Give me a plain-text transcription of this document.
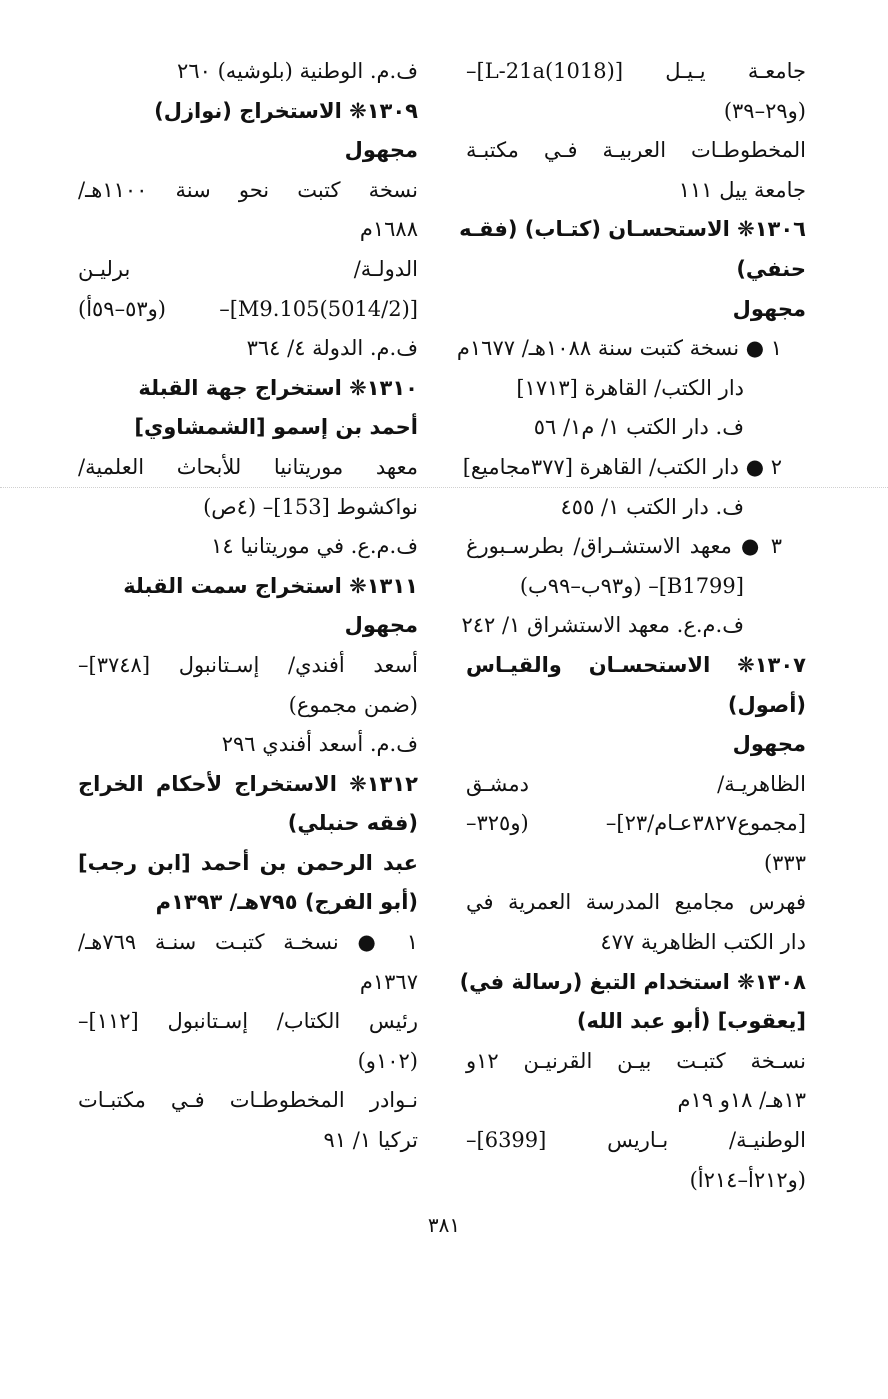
جامعـة يـيـل [L-21a(1018)]–
(و٢٩–٣٩)
المخطوطـات العربيـة فـي مكتبـة
جامعة ييل ١١١
١٣٠٦❋ الاستحسـان (كتـاب) (فقـه
حنفي)
مجهول
١ ● نسخة كتبت سنة ١٠٨٨هـ/ ١٦٧٧م
دار الكتب/ القاهرة [١٧١٣]
ف. دار الكتب ١/ م١/ ٥٦
٢ ● دار الكتب/ القاهرة [٣٧٧مجاميع]
ف. دار الكتب ١/ ٤٥٥
٣ ● معهد الاستشـراق/ بطرسـبورغ
[B1799]– (و٩٣ب–٩٩ب)
ف.م.ع. معهد الاستشراق ١/ ٢٤٢
١٣٠٧❋ الاستحسـان والقيـاس
(أصول)
مجهول
الظاهريـة/ دمشـق
[مجموع٣٨٢٧عـام/٢٣]– (و٣٢٥–
٣٣٣)
فهرس مجاميع المدرسة العمرية في
دار الكتب الظاهرية ٤٧٧
١٣٠٨❋ استخدام التبغ (رسالة في)
[يعقوب] (أبو عبد الله)
نسـخة كتبـت بيـن القرنيـن ١٢و
١٣هـ/ ١٨و ١٩م
الوطنيـة/ بـاريس [6399]–
(و٢١٢أ–٢١٤أ)
ف.م. الوطنية (بلوشيه) ٢٦٠
١٣٠٩❋ الاستخراج (نوازل)
مجهول
نسخة كتبت نحو سنة ١١٠٠هـ/
١٦٨٨م
الدولـة/ برليـن
[M9.105(5014/2)]– (و٥٣–٥٩أ)
ف.م. الدولة ٤/ ٣٦٤
١٣١٠❋ استخراج جهة القبلة
أحمد بن إسمو [الشمشاوي]
معهد موريتانيا للأبحاث العلمية/
نواكشوط [153]– (٤ص)
ف.م.ع. في موريتانيا ١٤
١٣١١❋ استخراج سمت القبلة
مجهول
أسعد أفندي/ إسـتانبول [٣٧٤٨]–
(ضمن مجموع)
ف.م. أسعد أفندي ٢٩٦
١٣١٢❋ الاستخراج لأحكام الخراج
(فقه حنبلي)
عبد الرحمن بن أحمد [ابن رجب]
(أبو الفرج) ٧٩٥هـ/ ١٣٩٣م
١ ● نسخـة كتبـت سنـة ٧٦٩هـ/
١٣٦٧م
رئيس الكتاب/ إسـتانبول [١١٢]–
(١٠٢و)
نـوادر المخطوطـات فـي مكتبـات
تركيا ١/ ٩١
٣٨١
